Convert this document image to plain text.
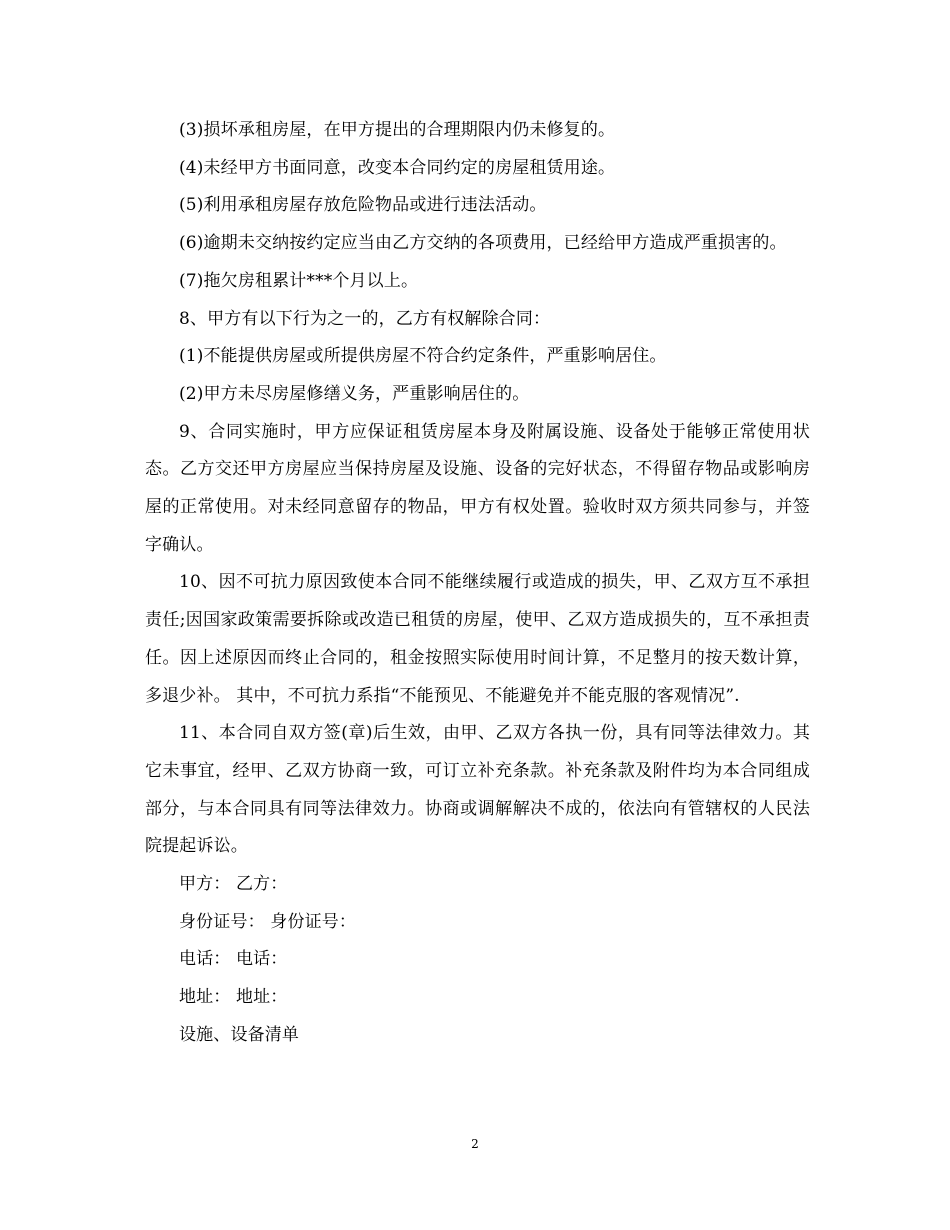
(3)损坏承租房屋，在甲方提出的合理期限内仍未修复的。

(4)未经甲方书面同意，改变本合同约定的房屋租赁用途。

(5)利用承租房屋存放危险物品或进行违法活动。

(6)逾期未交纳按约定应当由乙方交纳的各项费用，已经给甲方造成严重损害的。

(7)拖欠房租累计***个月以上。

8、甲方有以下行为之一的，乙方有权解除合同：

(1)不能提供房屋或所提供房屋不符合约定条件，严重影响居住。

(2)甲方未尽房屋修缮义务，严重影响居住的。

9、合同实施时，甲方应保证租赁房屋本身及附属设施、设备处于能够正常使用状态。乙方交还甲方房屋应当保持房屋及设施、设备的完好状态，不得留存物品或影响房屋的正常使用。对未经同意留存的物品，甲方有权处置。验收时双方须共同参与，并签字确认。

10、因不可抗力原因致使本合同不能继续履行或造成的损失，甲、乙双方互不承担责任;因国家政策需要拆除或改造已租赁的房屋，使甲、乙双方造成损失的，互不承担责任。因上述原因而终止合同的，租金按照实际使用时间计算，不足整月的按天数计算，多退少补。 其中，不可抗力系指“不能预见、不能避免并不能克服的客观情况”.

11、本合同自双方签(章)后生效，由甲、乙双方各执一份，具有同等法律效力。其它未事宜，经甲、乙双方协商一致，可订立补充条款。补充条款及附件均为本合同组成部分，与本合同具有同等法律效力。协商或调解解决不成的，依法向有管辖权的人民法院提起诉讼。

甲方： 乙方：

身份证号： 身份证号：

电话： 电话：

地址： 地址：

设施、设备清单

2
